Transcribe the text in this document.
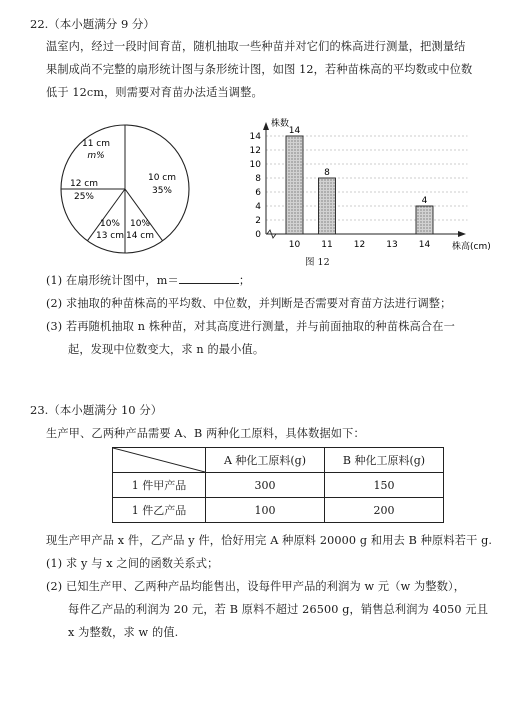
22.（本小题满分 9 分）
温室内，经过一段时间育苗，随机抽取一些种苗并对它们的株高进行测量，把测量结
果制成尚不完整的扇形统计图与条形统计图，如图 12，若种苗株高的平均数或中位数
低于 12cm，则需要对育苗办法适当调整。
11 cm
m%
10 cm
35%
12 cm
25%
10%
13 cm
10%
14 cm	0
2
4
6
8
10
12
14
株数
10
14
11
8
12 13 14
4
株高(cm)
图 12
(1) 在扇形统计图中，m＝	；
(2) 求抽取的种苗株高的平均数、中位数，并判断是否需要对育苗方法进行调整；
(3) 若再随机抽取 n 株种苗，对其高度进行测量，并与前面抽取的种苗株高合在一
起，发现中位数变大，求 n 的最小值。
23.（本小题满分 10 分）
生产甲、乙两种产品需要 A、B 两种化工原料，具体数据如下：
	A 种化工原料(g)	B 种化工原料(g)
1 件甲产品	300	150
1 件乙产品	100	200
现生产甲产品 x 件，乙产品 y 件，恰好用完 A 种原料 20000 g 和用去 B 种原料若干 g.
(1) 求 y 与 x 之间的函数关系式；
(2) 已知生产甲、乙两种产品均能售出，设每件甲产品的利润为 w 元（w 为整数），
每件乙产品的利润为 20 元，若 B 原料不超过 26500 g，销售总利润为 4050 元且
x 为整数，求 w 的值.
